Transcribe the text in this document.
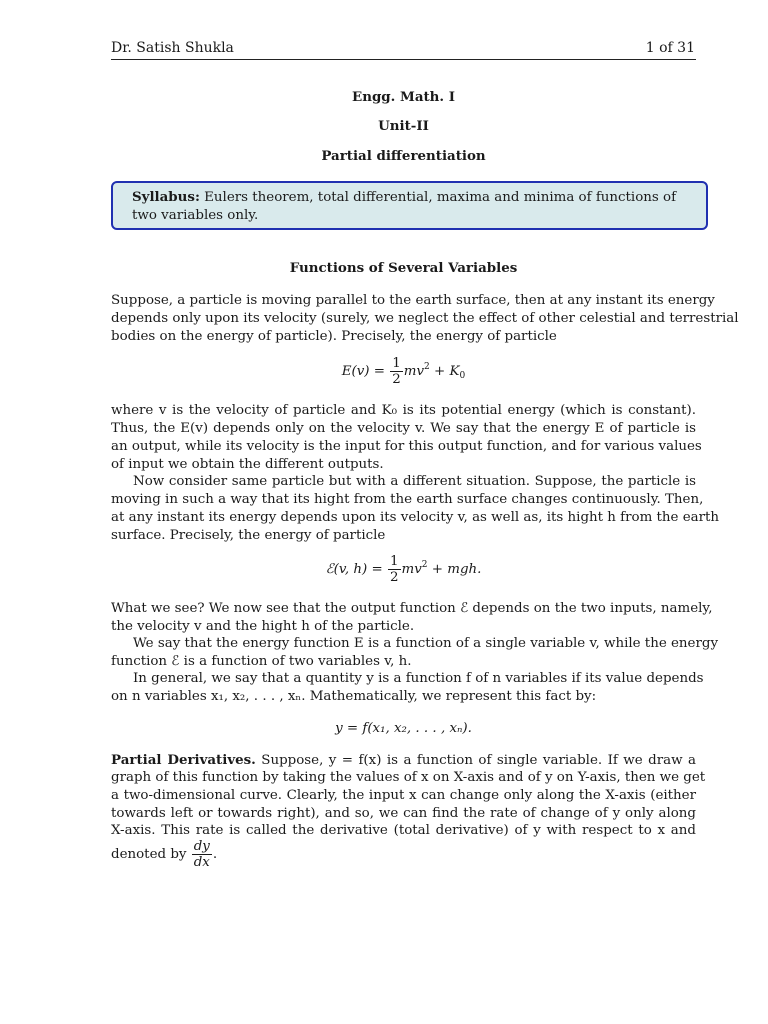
Dr. Satish Shukla	1 of 31
Engg. Math. I
Unit-II
Partial differentiation
Syllabus: Eulers theorem, total differential, maxima and minima of functions of
two variables only.
Functions of Several Variables
Suppose, a particle is moving parallel to the earth surface, then at any instant its energy
depends only upon its velocity (surely, we neglect the effect of other celestial and terrestrial
bodies on the energy of particle). Precisely, the energy of particle
$E(v) = \frac{1}{2} mv^2 + K_0$
where v is the velocity of particle and K₀ is its potential energy (which is constant).
Thus, the E(v) depends only on the velocity v. We say that the energy E of particle is
an output, while its velocity is the input for this output function, and for various values
of input we obtain the different outputs.
Now consider same particle but with a different situation. Suppose, the particle is
moving in such a way that its hight from the earth surface changes continuously. Then,
at any instant its energy depends upon its velocity v, as well as, its hight h from the earth
surface. Precisely, the energy of particle
ℰ(v, $h) = \frac{1}{2} mv^2$ + mgh.
What we see? We now see that the output function ℰ depends on the two inputs, namely,
the velocity v and the hight h of the particle.
We say that the energy function E is a function of a single variable v, while the energy
function ℰ is a function of two variables v, h.
In general, we say that a quantity y is a function f of n variables if its value depends
on n variables x₁, x₂, . . . , xₙ. Mathematically, we represent this fact by:
y = f(x₁, x₂, . . . , xₙ).
Partial Derivatives. Suppose, y = f(x) is a function of single variable. If we draw a
graph of this function by taking the values of x on X-axis and of y on Y-axis, then we get
a two-dimensional curve. Clearly, the input x can change only along the X-axis (either
towards left or towards right), and so, we can find the rate of change of y only along
X-axis. This rate is called the derivative (total derivative) of y with respect to x and
denoted by $\frac{dy}{dx}$ .
